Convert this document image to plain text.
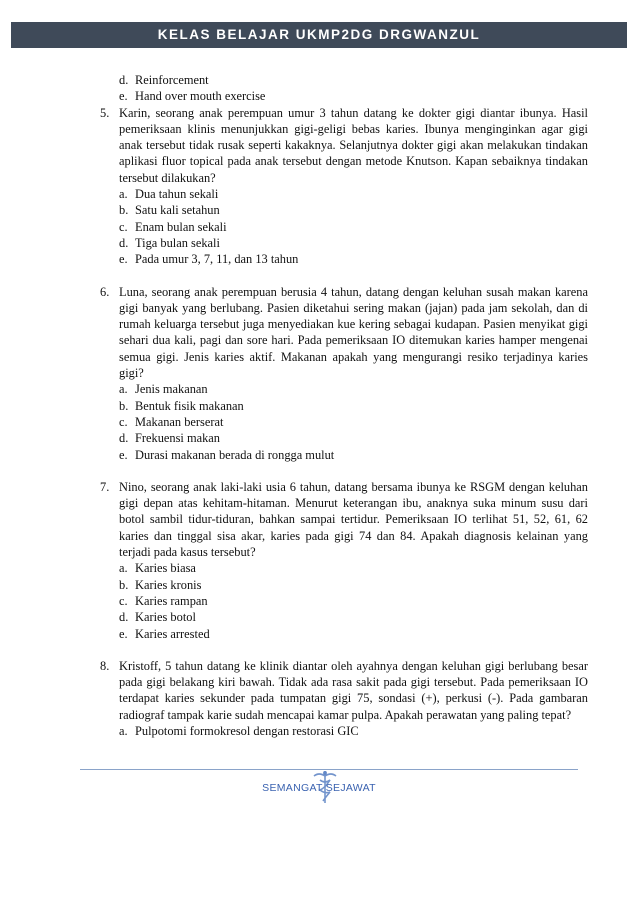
KELAS BELAJAR UKMP2DG DRGWANZUL
d. Reinforcement
e. Hand over mouth exercise
5. Karin, seorang anak perempuan umur 3 tahun datang ke dokter gigi diantar ibunya. Hasil pemeriksaan klinis menunjukkan gigi-geligi bebas karies. Ibunya menginginkan agar gigi anak tersebut tidak rusak seperti kakaknya. Selanjutnya dokter gigi akan melakukan tindakan aplikasi fluor topical pada anak tersebut dengan metode Knutson. Kapan sebaiknya tindakan tersebut dilakukan?
a. Dua tahun sekali
b. Satu kali setahun
c. Enam bulan sekali
d. Tiga bulan sekali
e. Pada umur 3, 7, 11, dan 13 tahun
6. Luna, seorang anak perempuan berusia 4 tahun, datang dengan keluhan susah makan karena gigi banyak yang berlubang. Pasien diketahui sering makan (jajan) pada jam sekolah, dan di rumah keluarga tersebut juga menyediakan kue kering sebagai kudapan. Pasien menyikat gigi sehari dua kali, pagi dan sore hari. Pada pemeriksaan IO ditemukan karies hamper mengenai semua gigi. Jenis karies aktif. Makanan apakah yang mengurangi resiko terjadinya karies gigi?
a. Jenis makanan
b. Bentuk fisik makanan
c. Makanan berserat
d. Frekuensi makan
e. Durasi makanan berada di rongga mulut
7. Nino, seorang anak laki-laki usia 6 tahun, datang bersama ibunya ke RSGM dengan keluhan gigi depan atas kehitam-hitaman. Menurut keterangan ibu, anaknya suka minum susu dari botol sambil tidur-tiduran, bahkan sampai tertidur. Pemeriksaan IO terlihat 51, 52, 61, 62 karies dan tinggal sisa akar, karies pada gigi 74 dan 84. Apakah diagnosis kelainan yang terjadi pada kasus tersebut?
a. Karies biasa
b. Karies kronis
c. Karies rampan
d. Karies botol
e. Karies arrested
8. Kristoff, 5 tahun datang ke klinik diantar oleh ayahnya dengan keluhan gigi berlubang besar pada gigi belakang kiri bawah. Tidak ada rasa sakit pada gigi tersebut. Pada pemeriksaan IO terdapat karies sekunder pada tumpatan gigi 75, sondasi (+), perkusi (-). Pada gambaran radiograf tampak karie sudah mencapai kamar pulpa. Apakah perawatan yang paling tepat?
a. Pulpotomi formokresol dengan restorasi GIC
SEMANGAT SEJAWAT
